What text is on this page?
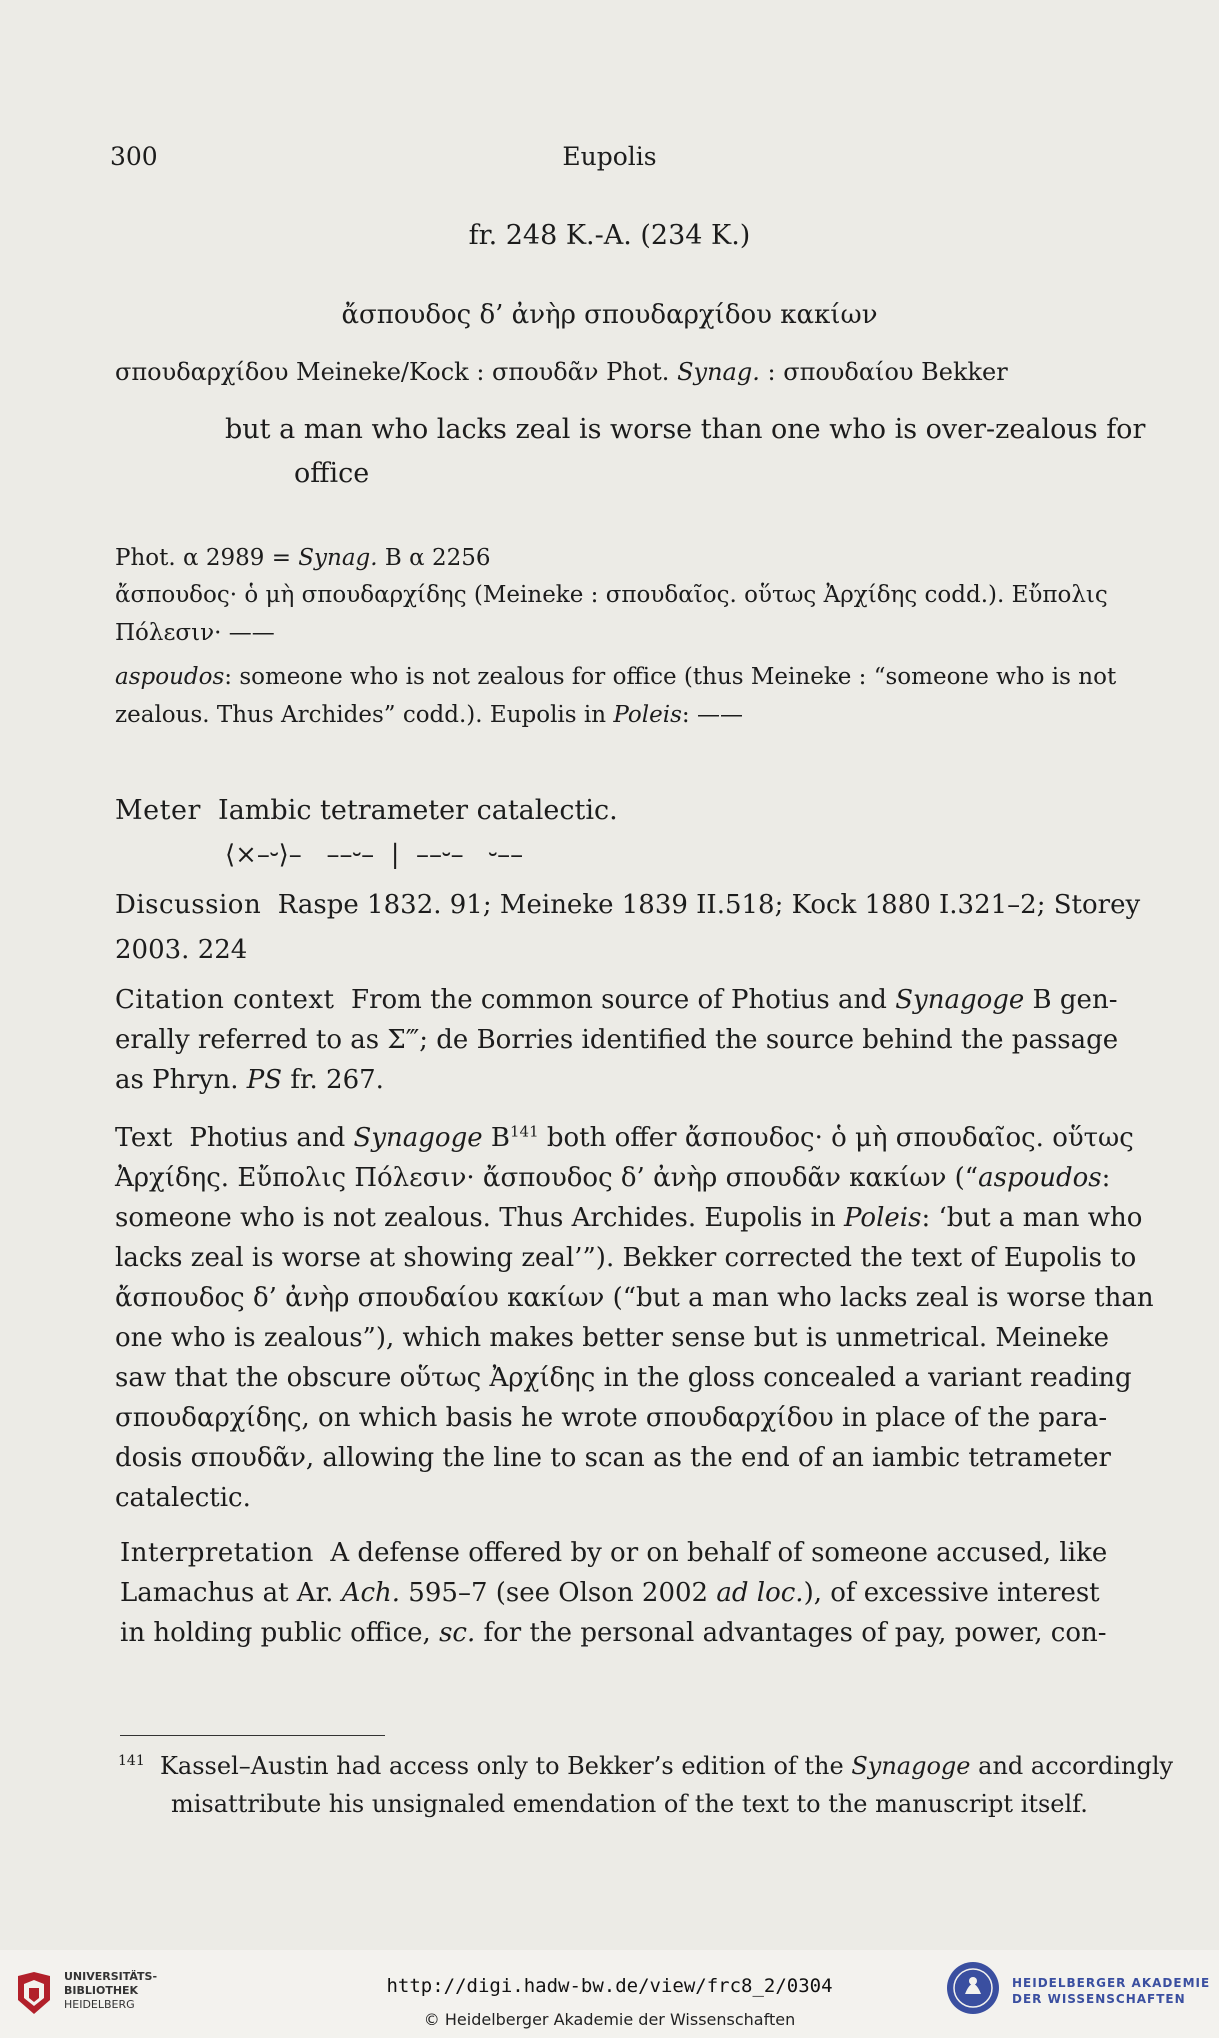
300	Eupolis
fr. 248 K.-A. (234 K.)
ἄσπουδος δ’ ἀνὴρ σπουδαρχίδου κακίων
σπουδαρχίδου Meineke/Kock : σπουδᾶν Phot. Synag. : σπουδαίου Bekker
but a man who lacks zeal is worse than one who is over-zealous for
office
Phot. α 2989 = Synag. B α 2256
ἄσπουδος· ὁ μὴ σπουδαρχίδης (Meineke : σπουδαῖος. οὕτως Ἀρχίδης codd.). Εὔπολις
Πόλεσιν· ——
aspoudos: someone who is not zealous for office (thus Meineke : “someone who is not
zealous. Thus Archides” codd.). Eupolis in Poleis: ——
Meter Iambic tetrameter catalectic.
⟨×–⏑⟩–   ––⏑–  |  ––⏑–   ⏑––
Discussion Raspe 1832. 91; Meineke 1839 II.518; Kock 1880 I.321–2; Storey
2003. 224
Citation context From the common source of Photius and Synagoge B gen-
erally referred to as Σ‴; de Borries identified the source behind the passage
as Phryn. PS fr. 267.
Text Photius and Synagoge $B^{141}$ both offer ἄσπουδος· ὁ μὴ σπουδαῖος. οὕτως
Ἀρχίδης. Εὔπολις Πόλεσιν· ἄσπουδος δ’ ἀνὴρ σπουδᾶν κακίων (“aspoudos:
someone who is not zealous. Thus Archides. Eupolis in Poleis: ‘but a man who
lacks zeal is worse at showing zeal’”). Bekker corrected the text of Eupolis to
ἄσπουδος δ’ ἀνὴρ σπουδαίου κακίων (“but a man who lacks zeal is worse than
one who is zealous”), which makes better sense but is unmetrical. Meineke
saw that the obscure οὕτως Ἀρχίδης in the gloss concealed a variant reading
σπουδαρχίδης, on which basis he wrote σπουδαρχίδου in place of the para-
dosis σπουδᾶν, allowing the line to scan as the end of an iambic tetrameter
catalectic.
Interpretation A defense offered by or on behalf of someone accused, like
Lamachus at Ar. Ach. 595–7 (see Olson 2002 ad loc.), of excessive interest
in holding public office, sc. for the personal advantages of pay, power, con-
$^{141}$ Kassel–Austin had access only to Bekker’s edition of the Synagoge and accordingly
misattribute his unsignaled emendation of the text to the manuscript itself.
UNIVERSITÄTS-
BIBLIOTHEK
HEIDELBERG
http://digi.hadw-bw.de/view/frc8_2/0304
© Heidelberger Akademie der Wissenschaften
HEIDELBERGER AKADEMIE
DER WISSENSCHAFTEN
